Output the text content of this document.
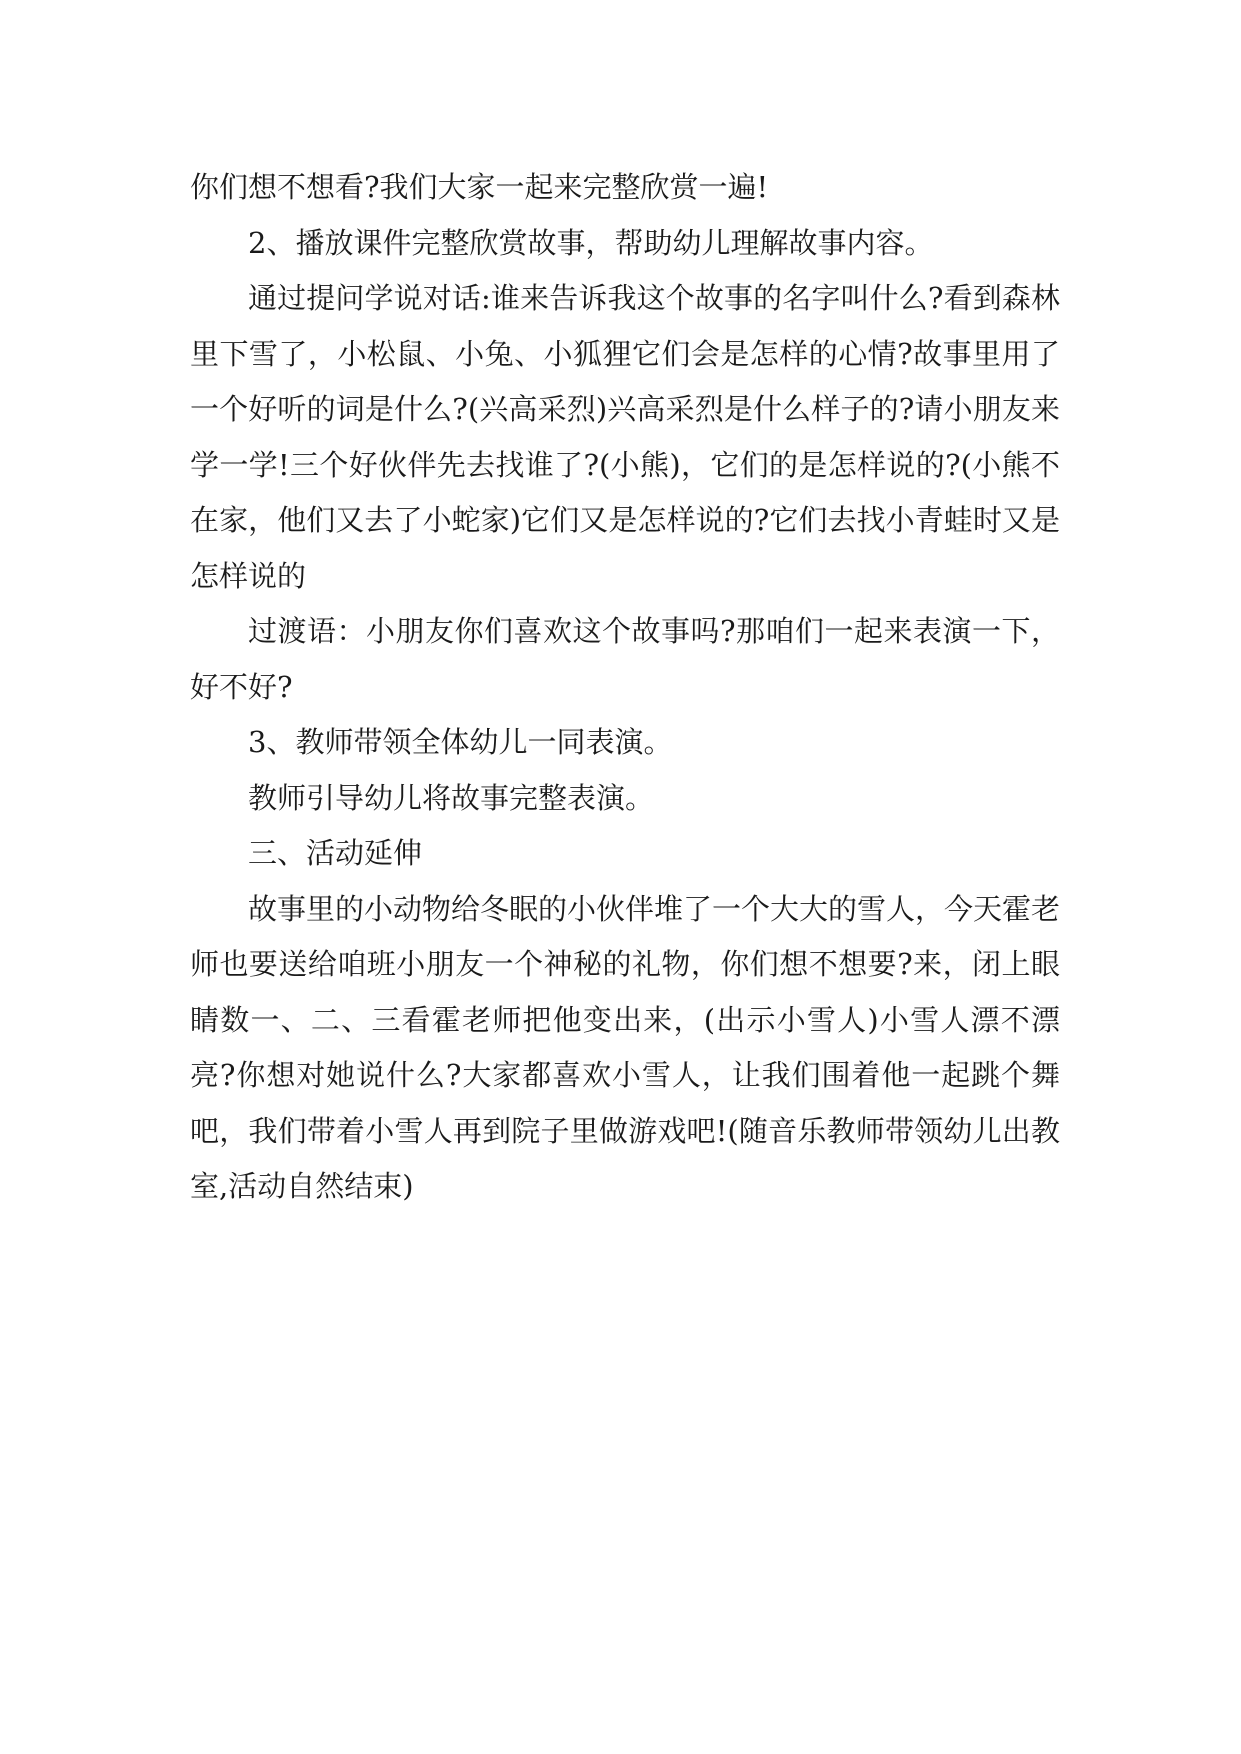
你们想不想看?我们大家一起来完整欣赏一遍!

2、播放课件完整欣赏故事，帮助幼儿理解故事内容。

通过提问学说对话:谁来告诉我这个故事的名字叫什么?看到森林里下雪了，小松鼠、小兔、小狐狸它们会是怎样的心情?故事里用了一个好听的词是什么?(兴高采烈)兴高采烈是什么样子的?请小朋友来学一学!三个好伙伴先去找谁了?(小熊)，它们的是怎样说的?(小熊不在家，他们又去了小蛇家)它们又是怎样说的?它们去找小青蛙时又是怎样说的

过渡语：小朋友你们喜欢这个故事吗?那咱们一起来表演一下，好不好?

3、教师带领全体幼儿一同表演。

教师引导幼儿将故事完整表演。

三、活动延伸

故事里的小动物给冬眠的小伙伴堆了一个大大的雪人，今天霍老师也要送给咱班小朋友一个神秘的礼物，你们想不想要?来，闭上眼睛数一、二、三看霍老师把他变出来，(出示小雪人)小雪人漂不漂亮?你想对她说什么?大家都喜欢小雪人，让我们围着他一起跳个舞吧，我们带着小雪人再到院子里做游戏吧!(随音乐教师带领幼儿出教室,活动自然结束)
